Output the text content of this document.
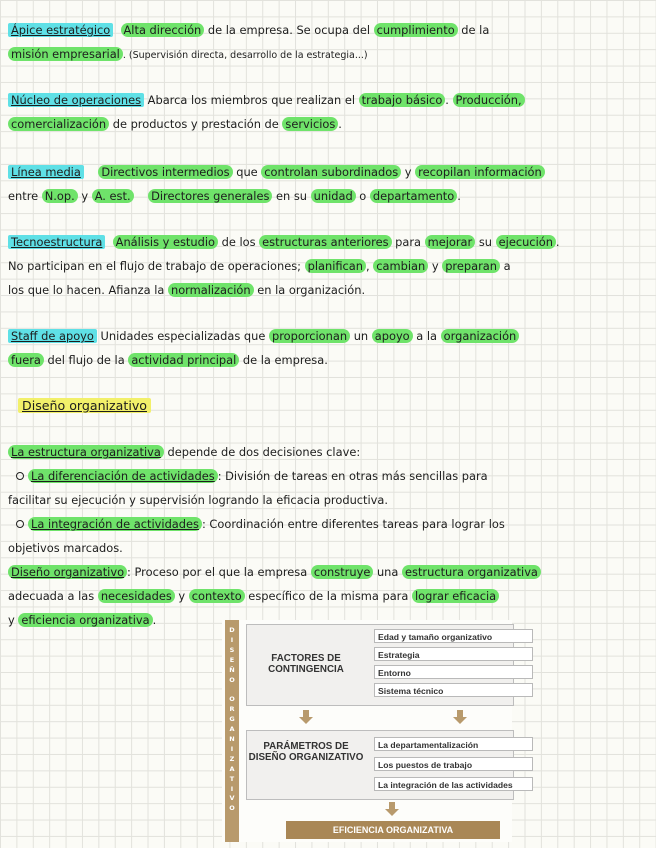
Ápice estratégico Alta dirección de la empresa. Se ocupa del cumplimiento de la
misión empresarial . (Supervisión directa, desarrollo de la estrategia...)
Núcleo de operaciones Abarca los miembros que realizan el trabajo básico . Producción,
comercialización de productos y prestación de servicios .
Línea media Directivos intermedios que controlan subordinados y recopilan información
entre N.op. y A. est. Directores generales en su unidad o departamento .
Tecnoestructura Análisis y estudio de los estructuras anteriores para mejorar su ejecución .
No participan en el flujo de trabajo de operaciones; planifican , cambian y preparan a
los que lo hacen. Afianza la normalización en la organización.
Staff de apoyo Unidades especializadas que proporcionan un apoyo a la organización
fuera del flujo de la actividad principal de la empresa.
Diseño organizativo
La estructura organizativa depende de dos decisiones clave:
La diferenciación de actividades : División de tareas en otras más sencillas para
facilitar su ejecución y supervisión logrando la eficacia productiva.
La integración de actividades : Coordinación entre diferentes tareas para lograr los
objetivos marcados.
Diseño organizativo : Proceso por el que la empresa construye una estructura organizativa
adecuada a las necesidades y contexto específico de la misma para lograr eficacia
y eficiencia organizativa .
D
I
S
E
Ñ
O

O
R
G
A
N
I
Z
A
T
I
V
O
FACTORES DE CONTINGENCIA
Edad y tamaño organizativo
Estrategia
Entorno
Sistema técnico
PARÁMETROS DE DISEÑO ORGANIZATIVO
La departamentalización
Los puestos de trabajo
La integración de las actividades
EFICIENCIA ORGANIZATIVA
